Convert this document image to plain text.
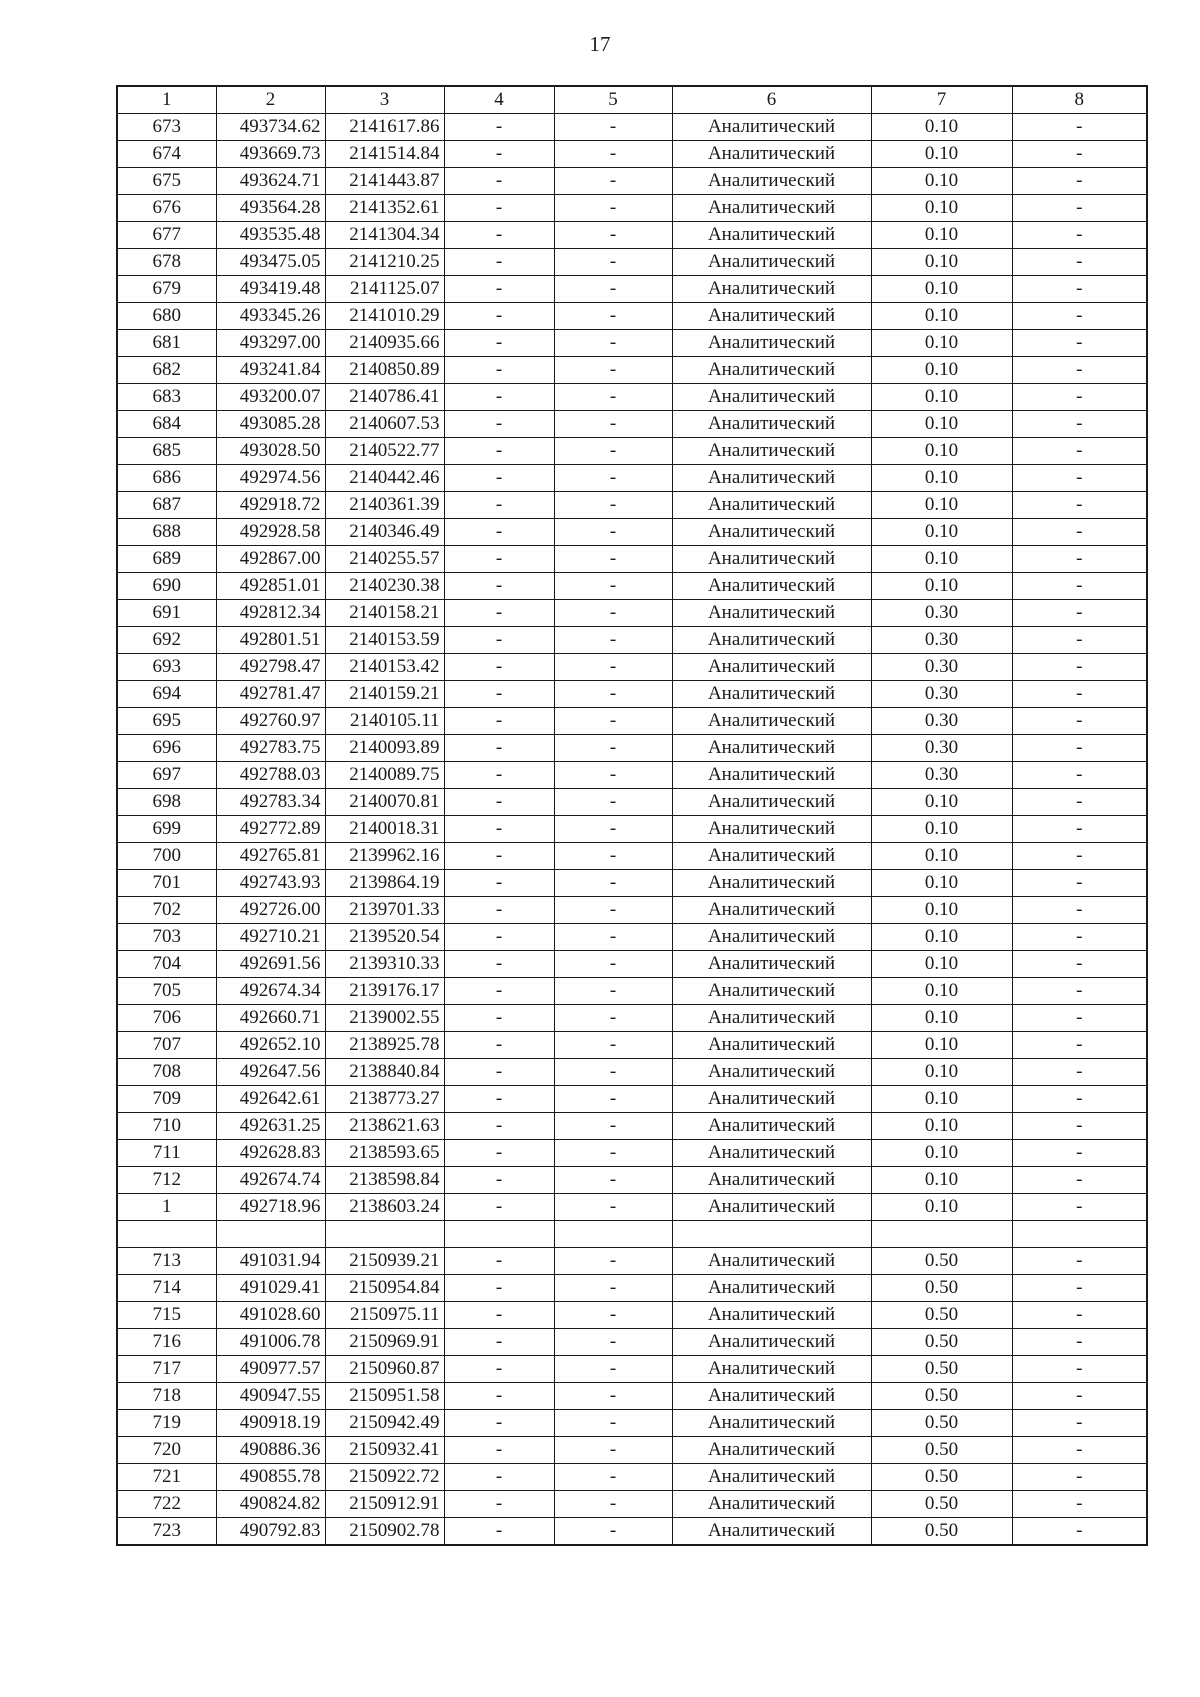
17
1	2	3	4	5	6	7	8
673	493734.62	2141617.86	-	-	Аналитический	0.10	-
674	493669.73	2141514.84	-	-	Аналитический	0.10	-
675	493624.71	2141443.87	-	-	Аналитический	0.10	-
676	493564.28	2141352.61	-	-	Аналитический	0.10	-
677	493535.48	2141304.34	-	-	Аналитический	0.10	-
678	493475.05	2141210.25	-	-	Аналитический	0.10	-
679	493419.48	2141125.07	-	-	Аналитический	0.10	-
680	493345.26	2141010.29	-	-	Аналитический	0.10	-
681	493297.00	2140935.66	-	-	Аналитический	0.10	-
682	493241.84	2140850.89	-	-	Аналитический	0.10	-
683	493200.07	2140786.41	-	-	Аналитический	0.10	-
684	493085.28	2140607.53	-	-	Аналитический	0.10	-
685	493028.50	2140522.77	-	-	Аналитический	0.10	-
686	492974.56	2140442.46	-	-	Аналитический	0.10	-
687	492918.72	2140361.39	-	-	Аналитический	0.10	-
688	492928.58	2140346.49	-	-	Аналитический	0.10	-
689	492867.00	2140255.57	-	-	Аналитический	0.10	-
690	492851.01	2140230.38	-	-	Аналитический	0.10	-
691	492812.34	2140158.21	-	-	Аналитический	0.30	-
692	492801.51	2140153.59	-	-	Аналитический	0.30	-
693	492798.47	2140153.42	-	-	Аналитический	0.30	-
694	492781.47	2140159.21	-	-	Аналитический	0.30	-
695	492760.97	2140105.11	-	-	Аналитический	0.30	-
696	492783.75	2140093.89	-	-	Аналитический	0.30	-
697	492788.03	2140089.75	-	-	Аналитический	0.30	-
698	492783.34	2140070.81	-	-	Аналитический	0.10	-
699	492772.89	2140018.31	-	-	Аналитический	0.10	-
700	492765.81	2139962.16	-	-	Аналитический	0.10	-
701	492743.93	2139864.19	-	-	Аналитический	0.10	-
702	492726.00	2139701.33	-	-	Аналитический	0.10	-
703	492710.21	2139520.54	-	-	Аналитический	0.10	-
704	492691.56	2139310.33	-	-	Аналитический	0.10	-
705	492674.34	2139176.17	-	-	Аналитический	0.10	-
706	492660.71	2139002.55	-	-	Аналитический	0.10	-
707	492652.10	2138925.78	-	-	Аналитический	0.10	-
708	492647.56	2138840.84	-	-	Аналитический	0.10	-
709	492642.61	2138773.27	-	-	Аналитический	0.10	-
710	492631.25	2138621.63	-	-	Аналитический	0.10	-
711	492628.83	2138593.65	-	-	Аналитический	0.10	-
712	492674.74	2138598.84	-	-	Аналитический	0.10	-
1	492718.96	2138603.24	-	-	Аналитический	0.10	-

713	491031.94	2150939.21	-	-	Аналитический	0.50	-
714	491029.41	2150954.84	-	-	Аналитический	0.50	-
715	491028.60	2150975.11	-	-	Аналитический	0.50	-
716	491006.78	2150969.91	-	-	Аналитический	0.50	-
717	490977.57	2150960.87	-	-	Аналитический	0.50	-
718	490947.55	2150951.58	-	-	Аналитический	0.50	-
719	490918.19	2150942.49	-	-	Аналитический	0.50	-
720	490886.36	2150932.41	-	-	Аналитический	0.50	-
721	490855.78	2150922.72	-	-	Аналитический	0.50	-
722	490824.82	2150912.91	-	-	Аналитический	0.50	-
723	490792.83	2150902.78	-	-	Аналитический	0.50	-
